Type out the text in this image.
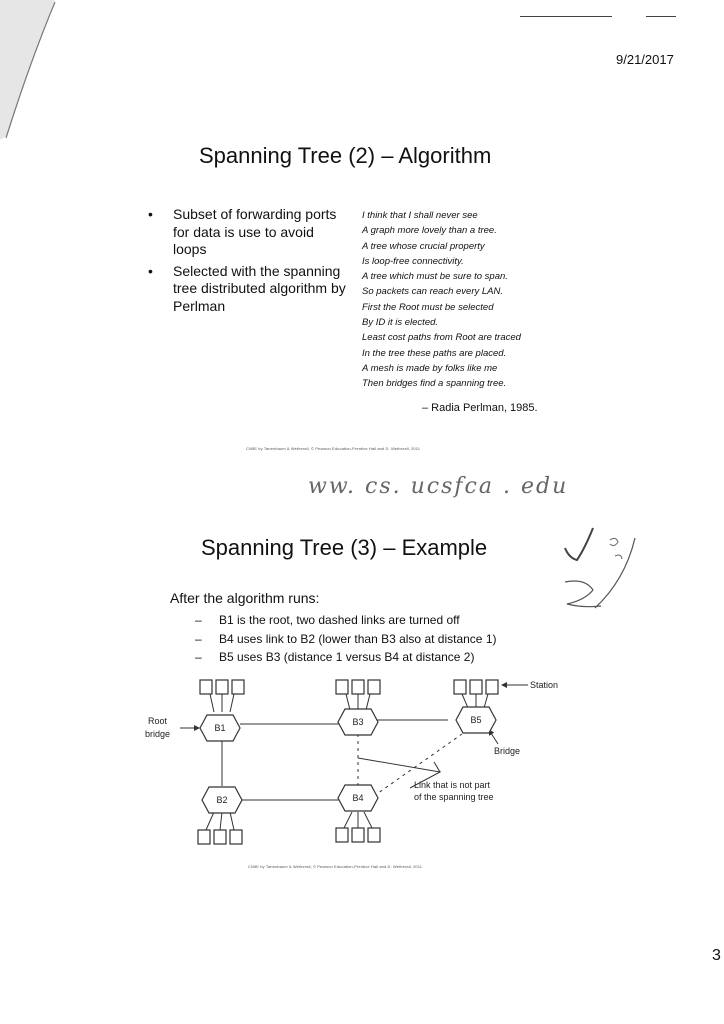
9/21/2017
Spanning Tree (2) – Algorithm
• Subset of forwarding ports for data is use to avoid loops
• Selected with the spanning tree distributed algorithm by Perlman
I think that I shall never see
A graph more lovely than a tree.
A tree whose crucial property
Is loop-free connectivity.
A tree which must be sure to span.
So packets can reach every LAN.
First the Root must be selected
By ID it is elected.
Least cost paths from Root are traced
In the tree these paths are placed.
A mesh is made by folks like me
Then bridges find a spanning tree.
– Radia Perlman, 1985.
CN5E by Tanenbaum & Wetherall, © Pearson Education-Prentice Hall and D. Wetherall, 2011
ww. cs. ucsfca . edu
Spanning Tree (3) – Example
After the algorithm runs:
– B1 is the root, two dashed links are turned off
– B4 uses link to B2 (lower than B3 also at distance 1)
– B5 uses B3 (distance 1 versus B4 at distance 2)
B1
B2
B3
B4
B5
Station
Root
bridge
Bridge
Link that is not part
of the spanning tree
CN5E by Tanenbaum & Wetherall, © Pearson Education-Prentice Hall and D. Wetherall, 2011
3
